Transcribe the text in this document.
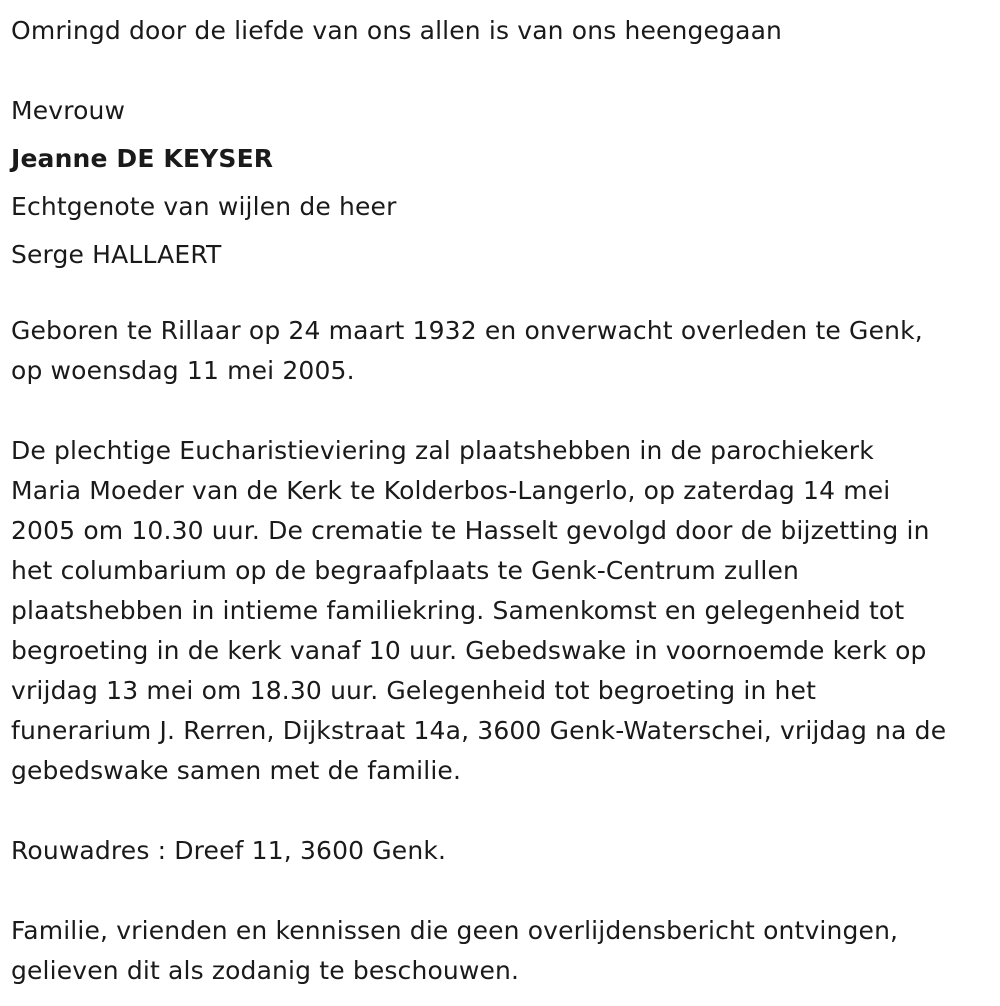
Omringd door de liefde van ons allen is van ons heengegaan
Mevrouw
Jeanne DE KEYSER
Echtgenote van wijlen de heer
Serge HALLAERT
Geboren te Rillaar op 24 maart 1932 en onverwacht overleden te Genk,
op woensdag 11 mei 2005.
De plechtige Eucharistieviering zal plaatshebben in de parochiekerk
Maria Moeder van de Kerk te Kolderbos-Langerlo, op zaterdag 14 mei
2005 om 10.30 uur. De crematie te Hasselt gevolgd door de bijzetting in
het columbarium op de begraafplaats te Genk-Centrum zullen
plaatshebben in intieme familiekring. Samenkomst en gelegenheid tot
begroeting in de kerk vanaf 10 uur. Gebedswake in voornoemde kerk op
vrijdag 13 mei om 18.30 uur. Gelegenheid tot begroeting in het
funerarium J. Rerren, Dijkstraat 14a, 3600 Genk-Waterschei, vrijdag na de
gebedswake samen met de familie.
Rouwadres : Dreef 11, 3600 Genk.
Familie, vrienden en kennissen die geen overlijdensbericht ontvingen,
gelieven dit als zodanig te beschouwen.
